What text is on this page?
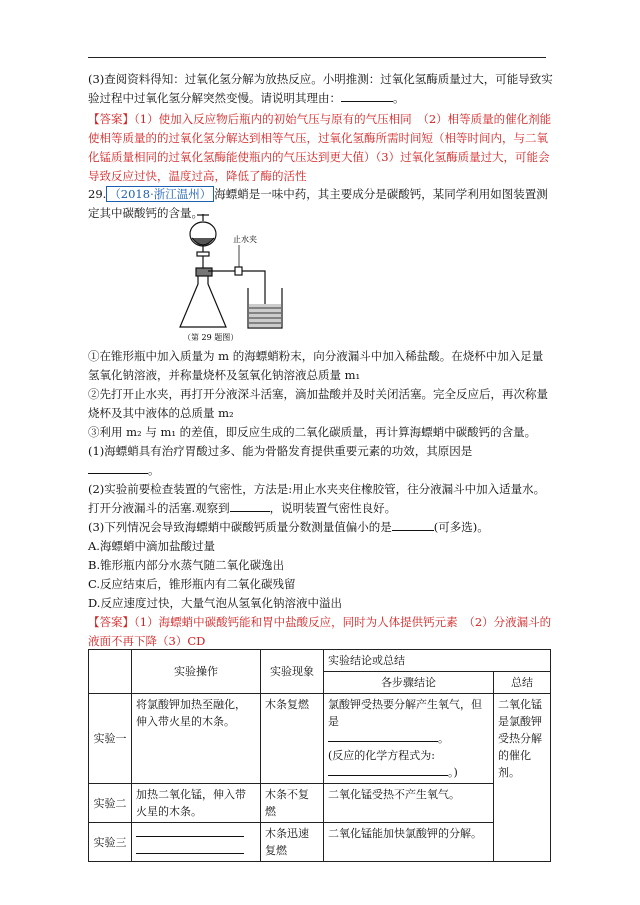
(3)查阅资料得知：过氧化氢分解为放热反应。小明推测：过氧化氢酶质量过大，可能导致实验过程中过氧化氢分解突然变慢。请说明其理由：	。
【答案】（1）使加入反应物后瓶内的初始气压与原有的气压相同　（2）相等质量的催化剂能使相等质量的的过氧化氢分解达到相等气压，过氧化氢酶所需时间短（相等时间内，与二氧化锰质量相同的过氧化氢酶能使瓶内的气压达到更大值）（3）过氧化氢酶质量过大，可能会导致反应过快，温度过高，降低了酶的活性
29. （2018·浙江温州） 海螵蛸是一味中药，其主要成分是碳酸钙，某同学利用如图装置测定其中碳酸钙的含量。
止水夹
（第 29 题图）
①在锥形瓶中加入质量为 m 的海螵蛸粉末，向分液漏斗中加入稀盐酸。在烧杯中加入足量氢氧化钠溶液，并称量烧杯及氢氧化钠溶液总质量 m₁
②先打开止水夹，再打开分液深斗活塞，滴加盐酸并及时关闭活塞。完全反应后，再次称量烧杯及其中液体的总质量 m₂
③利用 m₂ 与 m₁ 的差值，即反应生成的二氧化碳质量，再计算海螵蛸中碳酸钙的含量。
(1)海螵蛸具有治疗胃酸过多、能为骨骼发育提供重要元素的功效，其原因是
。
(2)实验前要检查装置的气密性，方法是:用止水夹夹住橡胶管，往分液漏斗中加入适量水。打开分液漏斗的活塞.观察到	，说明装置气密性良好。
(3)下列情况会导致海螵蛸中碳酸钙质量分数测量值偏小的是	(可多选)。
A.海螵蛸中滴加盐酸过量
B.锥形瓶内部分水蒸气随二氧化碳逸出
C.反应结束后，锥形瓶内有二氧化碳残留
D.反应速度过快，大量气泡从氢氧化钠溶液中溢出
【答案】（1）海螵蛸中碳酸钙能和胃中盐酸反应，同时为人体提供钙元素　（2）分液漏斗的液面不再下降（3）CD
	实验操作	实验现象	实验结论或总结	
			各步骤结论	总结
实验一	将氯酸钾加热至融化，伸入带火星的木条。	木条复燃	氯酸钾受热要分解产生氧气，但是
。
(反应的化学方程式为:
。)	二氧化锰是氯酸钾受热分解的催化剂。
实验二	加热二氧化锰，伸入带火星的木条。	木条不复燃	二氧化锰受热不产生氧气。	
实验三		木条迅速复燃	二氧化锰能加快氯酸钾的分解。	
